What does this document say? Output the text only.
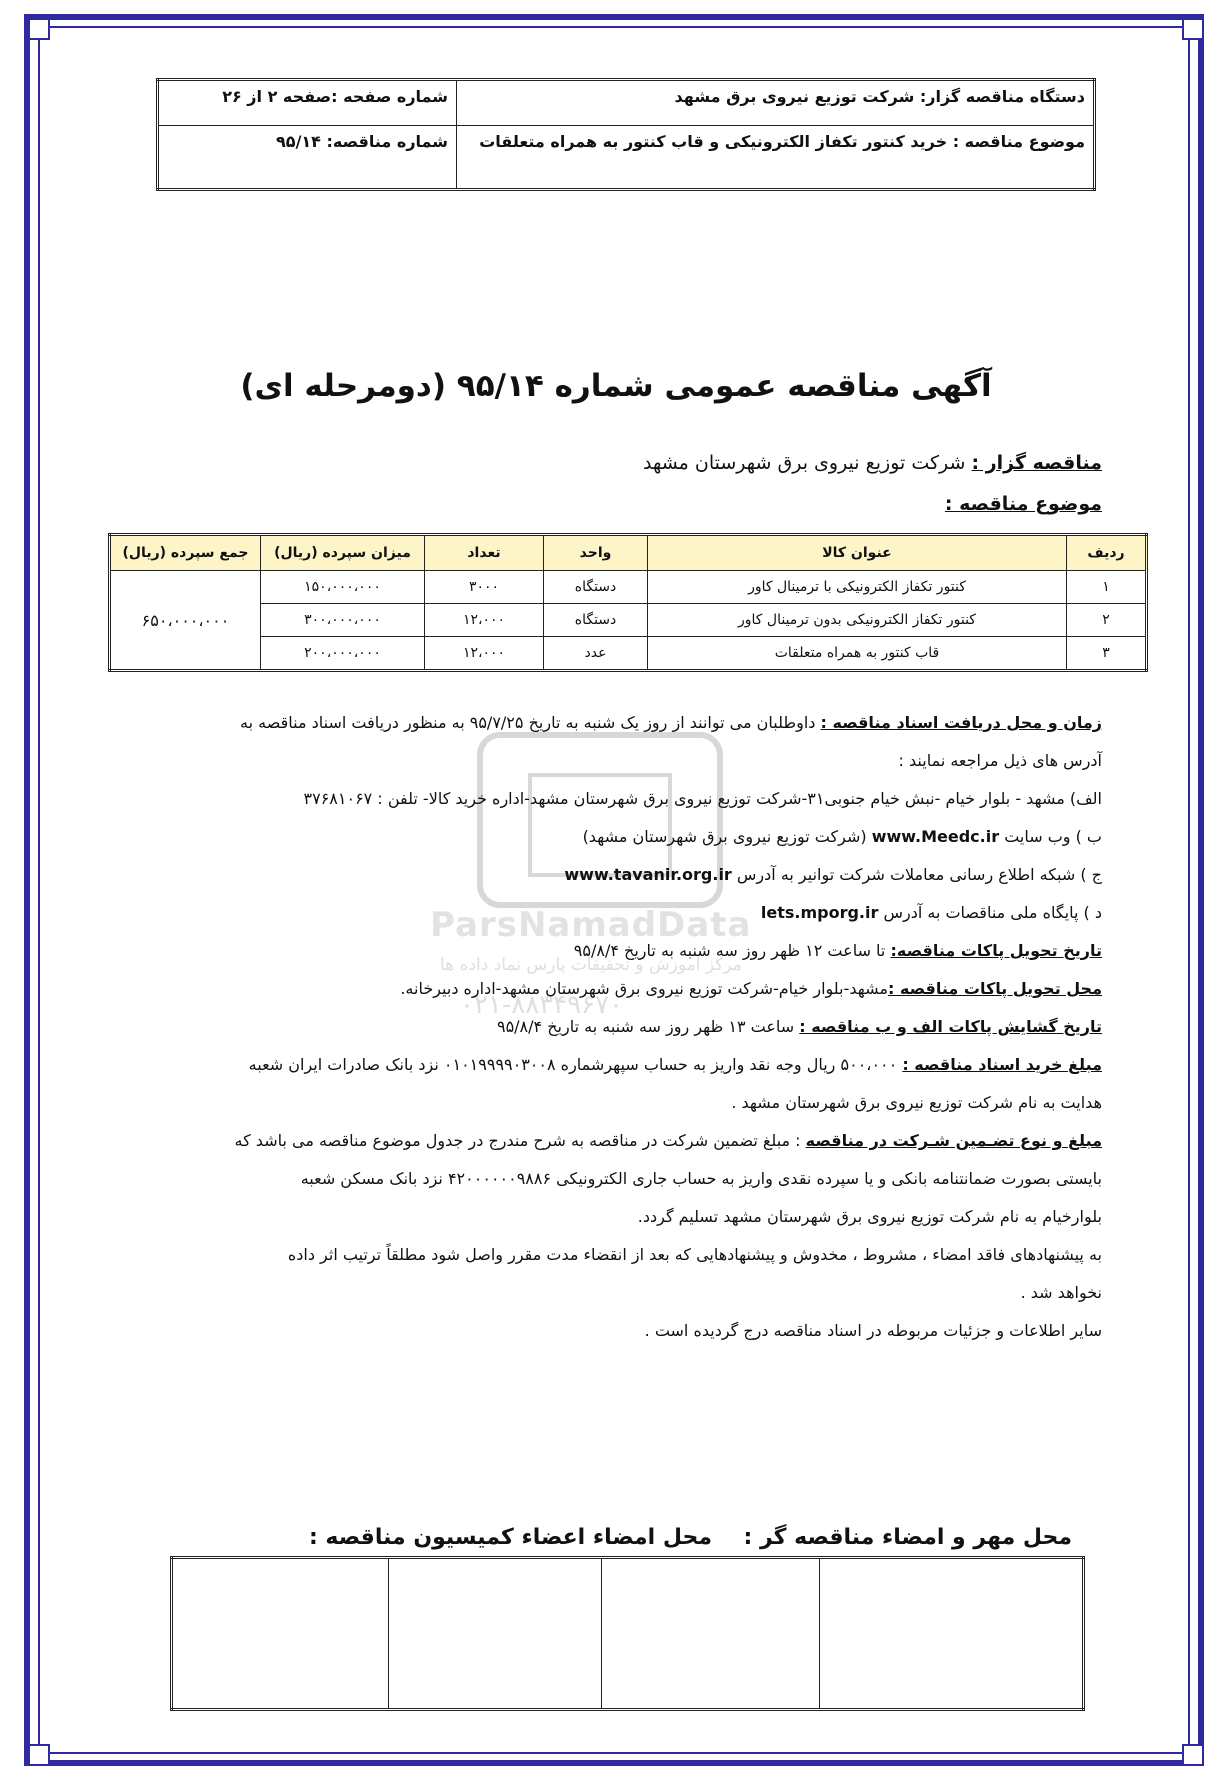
دستگاه مناقصه گزار: شرکت توزیع نیروی برق مشهد	شماره صفحه :صفحه ۲ از ۲۶
موضوع مناقصه : خرید کنتور تکفاز الکترونیکی و قاب کنتور به همراه متعلقات	شماره مناقصه: ۹۵/۱۴
آگهی مناقصه عمومی شماره ۹۵/۱۴ (دومرحله ای)
مناقصه گزار : شرکت توزیع نیروی برق شهرستان مشهد
موضوع مناقصه :
ردیف	عنوان کالا	واحد	تعداد	میزان سپرده (ریال)	جمع سپرده (ریال)
۱	کنتور تکفاز الکترونیکی با ترمینال کاور	دستگاه	۳۰۰۰	۱۵۰،۰۰۰،۰۰۰	۶۵۰،۰۰۰،۰۰۰
۲	کنتور تکفاز الکترونیکی بدون ترمینال کاور	دستگاه	۱۲،۰۰۰	۳۰۰،۰۰۰،۰۰۰	
۳	قاب کنتور به همراه متعلقات	عدد	۱۲،۰۰۰	۲۰۰،۰۰۰،۰۰۰	
ParsNamadData
مرکز آموزش و تحقیقات پارس نماد داده ها
۰۲۱-۸۸۳۴۹۶۷۰
زمان و محل دریافت اسناد مناقصه : داوطلبان می توانند از روز یک شنبه به تاریخ ۹۵/۷/۲۵ به منظور دریافت اسناد مناقصه به
آدرس های ذیل مراجعه نمایند :
الف) مشهد - بلوار خیام -نبش خیام جنوبی۳۱-شرکت توزیع نیروی برق شهرستان مشهد-اداره خرید کالا- تلفن : ۳۷۶۸۱۰۶۷
ب ) وب سایت www.Meedc.ir (شرکت توزیع نیروی برق شهرستان مشهد)
ج ) شبکه اطلاع رسانی معاملات شرکت توانیر به آدرس www.tavanir.org.ir
د ) پایگاه ملی مناقصات به آدرس lets.mporg.ir
تاریخ تحویل پاکات مناقصه: تا ساعت ۱۲ ظهر روز سه شنبه به تاریخ ۹۵/۸/۴
محل تحویل پاکات مناقصه :مشهد-بلوار خیام-شرکت توزیع نیروی برق شهرستان مشهد-اداره دبیرخانه.
تاریخ گشایش پاکات الف و ب مناقصه : ساعت ۱۳ ظهر روز سه شنبه به تاریخ ۹۵/۸/۴
مبلغ خرید اسناد مناقصه : ۵۰۰،۰۰۰ ریال وجه نقد واریز به حساب سپهرشماره ۰۱۰۱۹۹۹۹۰۳۰۰۸ نزد بانک صادرات ایران شعبه
هدایت به نام شرکت توزیع نیروی برق شهرستان مشهد .
مبلغ و نوع تضـمین شـرکت در مناقصه : مبلغ تضمین شرکت در مناقصه به شرح مندرج در جدول موضوع مناقصه می باشد که
بایستی بصورت ضمانتنامه بانکی و یا سپرده نقدی واریز به حساب جاری الکترونیکی ۴۲۰۰۰۰۰۰۹۸۸۶ نزد بانک مسکن شعبه
بلوارخیام به نام شرکت توزیع نیروی برق شهرستان مشهد تسلیم گردد.
به پیشنهادهای فاقد امضاء ، مشروط ، مخدوش و پیشنهادهایی که بعد از انقضاء مدت مقرر واصل شود مطلقاً ترتیب اثر داده
نخواهد شد .
سایر اطلاعات و جزئیات مربوطه در اسناد مناقصه درج گردیده است .
محل مهر و امضاء مناقصه گر :
محل امضاء اعضاء کمیسیون مناقصه :
